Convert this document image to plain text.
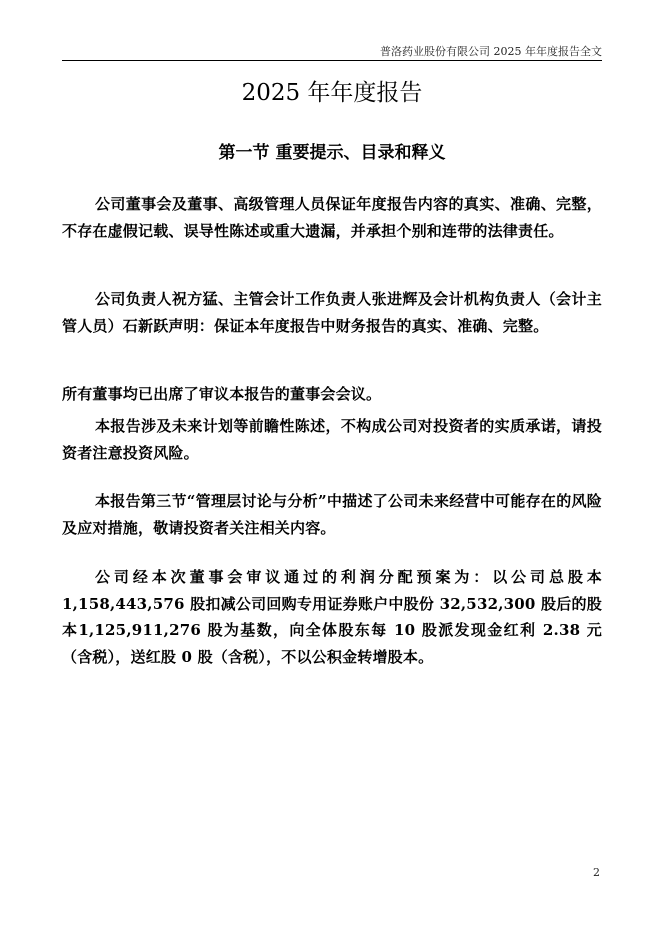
普洛药业股份有限公司 2025 年年度报告全文
2025 年年度报告
第一节 重要提示、目录和释义

公司董事会及董事、高级管理人员保证年度报告内容的真实、准确、完整，不存在虚假记载、误导性陈述或重大遗漏，并承担个别和连带的法律责任。

公司负责人祝方猛、主管会计工作负责人张进辉及会计机构负责人（会计主管人员）石新跃声明：保证本年度报告中财务报告的真实、准确、完整。

所有董事均已出席了审议本报告的董事会会议。

本报告涉及未来计划等前瞻性陈述，不构成公司对投资者的实质承诺，请投资者注意投资风险。

本报告第三节“管理层讨论与分析”中描述了公司未来经营中可能存在的风险及应对措施，敬请投资者关注相关内容。

公司经本次董事会审议通过的利润分配预案为：以公司总股本1,158,443,576 股扣减公司回购专用证券账户中股份 32,532,300 股后的股本1,125,911,276 股为基数，向全体股东每 10 股派发现金红利 2.38 元（含税），送红股 0 股（含税），不以公积金转增股本。

2
